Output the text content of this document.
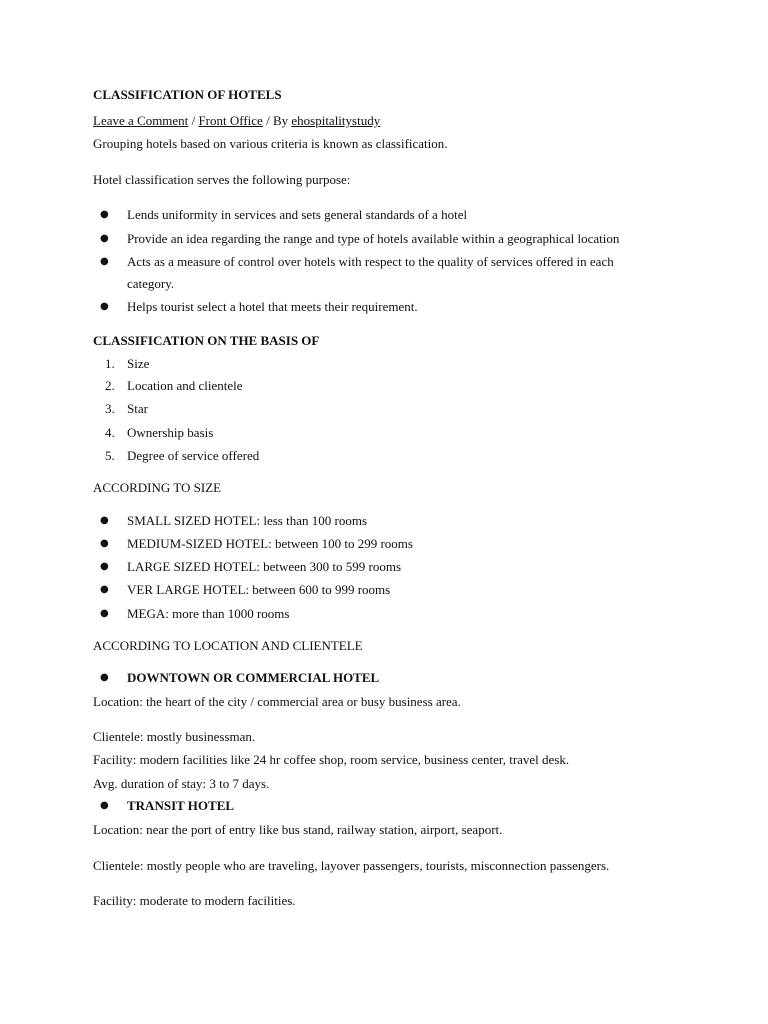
CLASSIFICATION OF HOTELS
Leave a Comment / Front Office / By ehospitalitystudy
Grouping hotels based on various criteria is known as classification.
Hotel classification serves the following purpose:
●	Lends uniformity in services and sets general standards of a hotel
●	Provide an idea regarding the range and type of hotels available within a geographical location
●	Acts as a measure of control over hotels with respect to the quality of services offered in each
category.
●	Helps tourist select a hotel that meets their requirement.
CLASSIFICATION ON THE BASIS OF
1. Size
2. Location and clientele
3. Star
4. Ownership basis
5. Degree of service offered
ACCORDING TO SIZE
●	SMALL SIZED HOTEL: less than 100 rooms
●	MEDIUM-SIZED HOTEL: between 100 to 299 rooms
●	LARGE SIZED HOTEL: between 300 to 599 rooms
●	VER LARGE HOTEL: between 600 to 999 rooms
●	MEGA: more than 1000 rooms
ACCORDING TO LOCATION AND CLIENTELE
●	DOWNTOWN OR COMMERCIAL HOTEL
Location: the heart of the city / commercial area or busy business area.
Clientele: mostly businessman.
Facility: modern facilities like 24 hr coffee shop, room service, business center, travel desk.
Avg. duration of stay: 3 to 7 days.
●	TRANSIT HOTEL
Location: near the port of entry like bus stand, railway station, airport, seaport.
Clientele: mostly people who are traveling, layover passengers, tourists, misconnection passengers.
Facility: moderate to modern facilities.
